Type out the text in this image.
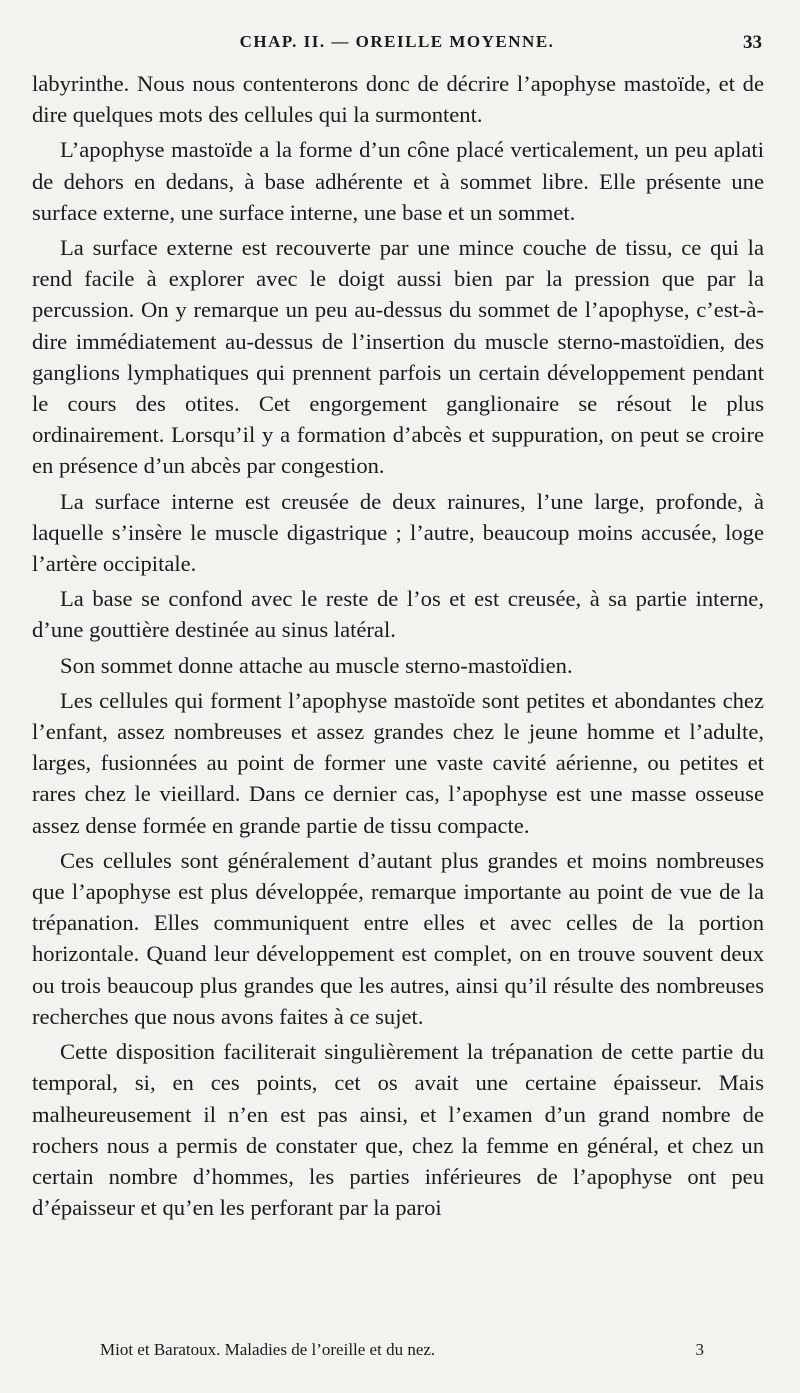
CHAP. II. — OREILLE MOYENNE.	33

labyrinthe. Nous nous contenterons donc de décrire l’apophyse mastoïde, et de dire quelques mots des cellules qui la surmontent.

L’apophyse mastoïde a la forme d’un cône placé verticalement, un peu aplati de dehors en dedans, à base adhérente et à sommet libre. Elle présente une surface externe, une surface interne, une base et un sommet.

La surface externe est recouverte par une mince couche de tissu, ce qui la rend facile à explorer avec le doigt aussi bien par la pression que par la percussion. On y remarque un peu au-dessus du sommet de l’apophyse, c’est-à-dire immédiatement au-dessus de l’insertion du muscle sterno-mastoïdien, des ganglions lymphatiques qui prennent parfois un certain développement pendant le cours des otites. Cet engorgement ganglionaire se résout le plus ordinairement. Lorsqu’il y a formation d’abcès et suppuration, on peut se croire en présence d’un abcès par congestion.

La surface interne est creusée de deux rainures, l’une large, profonde, à laquelle s’insère le muscle digastrique ; l’autre, beaucoup moins accusée, loge l’artère occipitale.

La base se confond avec le reste de l’os et est creusée, à sa partie interne, d’une gouttière destinée au sinus latéral.

Son sommet donne attache au muscle sterno-mastoïdien.

Les cellules qui forment l’apophyse mastoïde sont petites et abondantes chez l’enfant, assez nombreuses et assez grandes chez le jeune homme et l’adulte, larges, fusionnées au point de former une vaste cavité aérienne, ou petites et rares chez le vieillard. Dans ce dernier cas, l’apophyse est une masse osseuse assez dense formée en grande partie de tissu compacte.

Ces cellules sont généralement d’autant plus grandes et moins nombreuses que l’apophyse est plus développée, remarque importante au point de vue de la trépanation. Elles communiquent entre elles et avec celles de la portion horizontale. Quand leur développement est complet, on en trouve souvent deux ou trois beaucoup plus grandes que les autres, ainsi qu’il résulte des nombreuses recherches que nous avons faites à ce sujet.

Cette disposition faciliterait singulièrement la trépanation de cette partie du temporal, si, en ces points, cet os avait une certaine épaisseur. Mais malheureusement il n’en est pas ainsi, et l’examen d’un grand nombre de rochers nous a permis de constater que, chez la femme en général, et chez un certain nombre d’hommes, les parties inférieures de l’apophyse ont peu d’épaisseur et qu’en les perforant par la paroi

Miot et Baratoux. Maladies de l’oreille et du nez.	3
